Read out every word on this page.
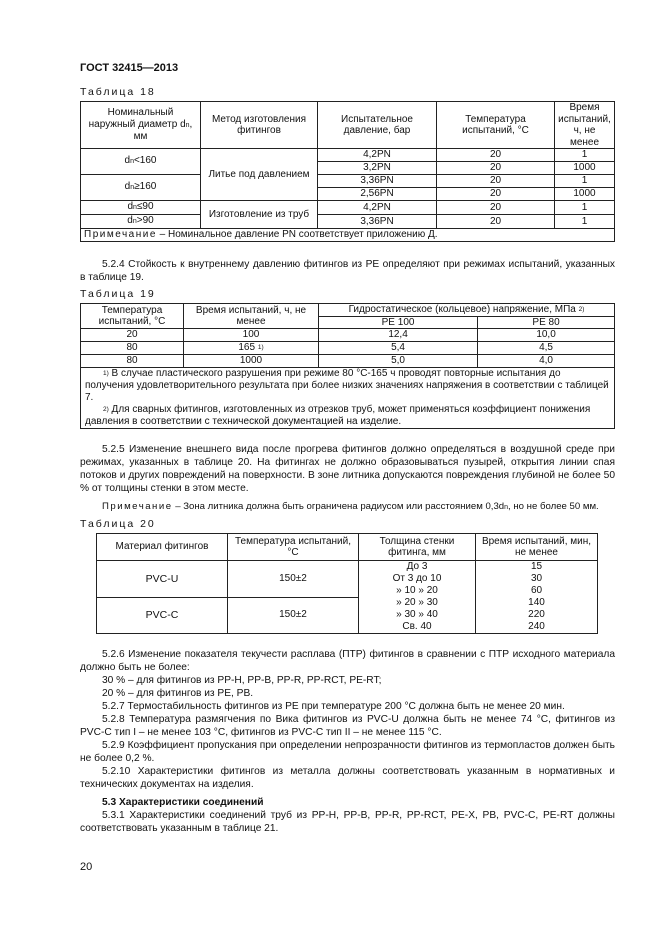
ГОСТ 32415—2013
Таблица 18
Номинальный наружный диаметр dn, мм	Метод изготовления фитингов	Испытательное давление, бар	Температура испытаний, °С	Время испытаний, ч, не менее
dn<160	Литье под давлением	4,2PN	20	1
		3,2PN	20	1000
dn≥160		3,36PN	20	1
		2,56PN	20	1000
dn≤90	Изготовление из труб	4,2PN	20	1
dn>90		3,36PN	20	1
Примечание – Номинальное давление PN соответствует приложению Д.				

5.2.4 Стойкость к внутреннему давлению фитингов из PE определяют при режимах испытаний, указанных в таблице 19.

Таблица 19
Температура испытаний, °С	Время испытаний, ч, не менее	Гидростатическое (кольцевое) напряжение, МПа $^{2)}$
		PE 100	PE 80
20	100	12,4	10,0
80	165 $^{1)}$	5,4	4,5
80	1000	5,0	4,0

$^{1)}$ В случае пластического разрушения при режиме 80 °С-165 ч проводят повторные испытания до получения удовлетворительного результата при более низких значениях напряжения в соответствии с таблицей 7.
$^{2)}$ Для сварных фитингов, изготовленных из отрезков труб, может применяться коэффициент понижения давления в соответствии с технической документацией на изделие.			

5.2.5 Изменение внешнего вида после прогрева фитингов должно определяться в воздушной среде при режимах, указанных в таблице 20. На фитингах не должно образовываться пузырей, открытия линии спая потоков и других повреждений на поверхности. В зоне литника допускаются повреждения глубиной не более 50 % от толщины стенки в этом месте.

Примечание – Зона литника должна быть ограничена радиусом или расстоянием 0,3dn, но не более 50 мм.

Таблица 20
Материал фитингов	Температура испытаний, °С	Толщина стенки фитинга, мм	Время испытаний, мин, не менее
PVC-U	150±2	До 3	15
		От 3 до 10	30
		» 10 » 20	60
PVC-C	150±2	» 20 » 30	140
		» 30 » 40	220
		Св. 40	240

5.2.6 Изменение показателя текучести расплава (ПТР) фитингов в сравнении с ПТР исходного материала должно быть не более:

30 % – для фитингов из PP-H, PP-B, PP-R, PP-RCT, PE-RT;

20 % – для фитингов из PE, PB.

5.2.7 Термостабильность фитингов из PE при температуре 200 °С должна быть не менее 20 мин.

5.2.8 Температура размягчения по Вика фитингов из PVC-U должна быть не менее 74 °С, фитингов из PVC-C тип I – не менее 103 °С, фитингов из PVC-C тип II – не менее 115 °С.

5.2.9 Коэффициент пропускания при определении непрозрачности фитингов из термопластов должен быть не более 0,2 %.

5.2.10 Характеристики фитингов из металла должны соответствовать указанным в нормативных и технических документах на изделия.

5.3 Характеристики соединений

5.3.1 Характеристики соединений труб из PP-H, PP-B, PP-R, PP-RCT, PE-X, PB, PVC-C, PE-RT должны соответствовать указанным в таблице 21.

20
